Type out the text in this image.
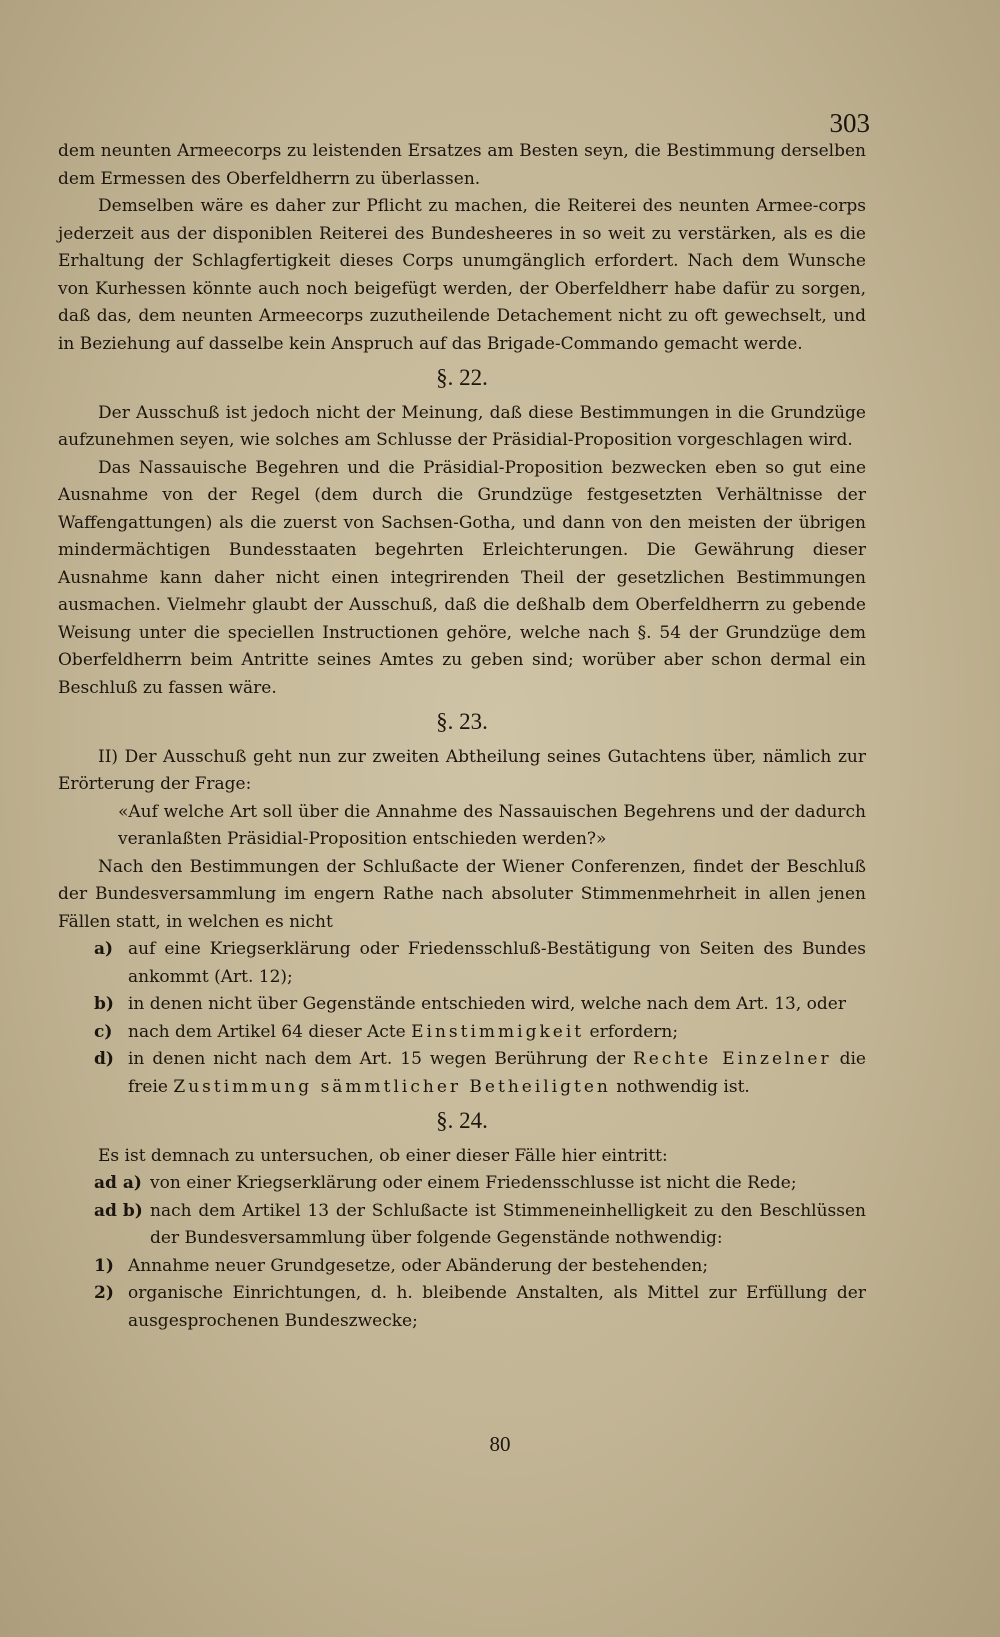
303

dem neunten Armeecorps zu leistenden Ersatzes am Besten seyn, die Bestimmung derselben dem Ermessen des Oberfeldherrn zu überlassen.

Demselben wäre es daher zur Pflicht zu machen, die Reiterei des neunten Armee-corps jederzeit aus der disponiblen Reiterei des Bundesheeres in so weit zu verstärken, als es die Erhaltung der Schlagfertigkeit dieses Corps unumgänglich erfordert. Nach dem Wunsche von Kurhessen könnte auch noch beigefügt werden, der Oberfeldherr habe dafür zu sorgen, daß das, dem neunten Armeecorps zuzutheilende Detachement nicht zu oft gewechselt, und in Beziehung auf dasselbe kein Anspruch auf das Brigade-Commando gemacht werde.

§. 22.

Der Ausschuß ist jedoch nicht der Meinung, daß diese Bestimmungen in die Grundzüge aufzunehmen seyen, wie solches am Schlusse der Präsidial-Proposition vorgeschlagen wird.

Das Nassauische Begehren und die Präsidial-Proposition bezwecken eben so gut eine Ausnahme von der Regel (dem durch die Grundzüge festgesetzten Verhältnisse der Waffengattungen) als die zuerst von Sachsen-Gotha, und dann von den meisten der übrigen mindermächtigen Bundesstaaten begehrten Erleichterungen. Die Gewährung dieser Ausnahme kann daher nicht einen integrirenden Theil der gesetzlichen Bestimmungen ausmachen. Vielmehr glaubt der Ausschuß, daß die deßhalb dem Oberfeldherrn zu gebende Weisung unter die speciellen Instructionen gehöre, welche nach §. 54 der Grundzüge dem Oberfeldherrn beim Antritte seines Amtes zu geben sind; worüber aber schon dermal ein Beschluß zu fassen wäre.

§. 23.

II) Der Ausschuß geht nun zur zweiten Abtheilung seines Gutachtens über, nämlich zur Erörterung der Frage:

«Auf welche Art soll über die Annahme des Nassauischen Begehrens und der dadurch veranlaßten Präsidial-Proposition entschieden werden?»

Nach den Bestimmungen der Schlußacte der Wiener Conferenzen, findet der Beschluß der Bundesversammlung im engern Rathe nach absoluter Stimmenmehrheit in allen jenen Fällen statt, in welchen es nicht

a) auf eine Kriegserklärung oder Friedensschluß-Bestätigung von Seiten des Bundes ankommt (Art. 12);
b) in denen nicht über Gegenstände entschieden wird, welche nach dem Art. 13, oder
c) nach dem Artikel 64 dieser Acte Einstimmigkeit erfordern;
d) in denen nicht nach dem Art. 15 wegen Berührung der Rechte Einzelner die freie Zustimmung sämmtlicher Betheiligten nothwendig ist.
§. 24.

Es ist demnach zu untersuchen, ob einer dieser Fälle hier eintritt:

ad a) von einer Kriegserklärung oder einem Friedensschlusse ist nicht die Rede;
ad b) nach dem Artikel 13 der Schlußacte ist Stimmeneinhelligkeit zu den Beschlüssen der Bundesversammlung über folgende Gegenstände nothwendig:
1) Annahme neuer Grundgesetze, oder Abänderung der bestehenden;
2) organische Einrichtungen, d. h. bleibende Anstalten, als Mittel zur Erfüllung der ausgesprochenen Bundeszwecke;
80
